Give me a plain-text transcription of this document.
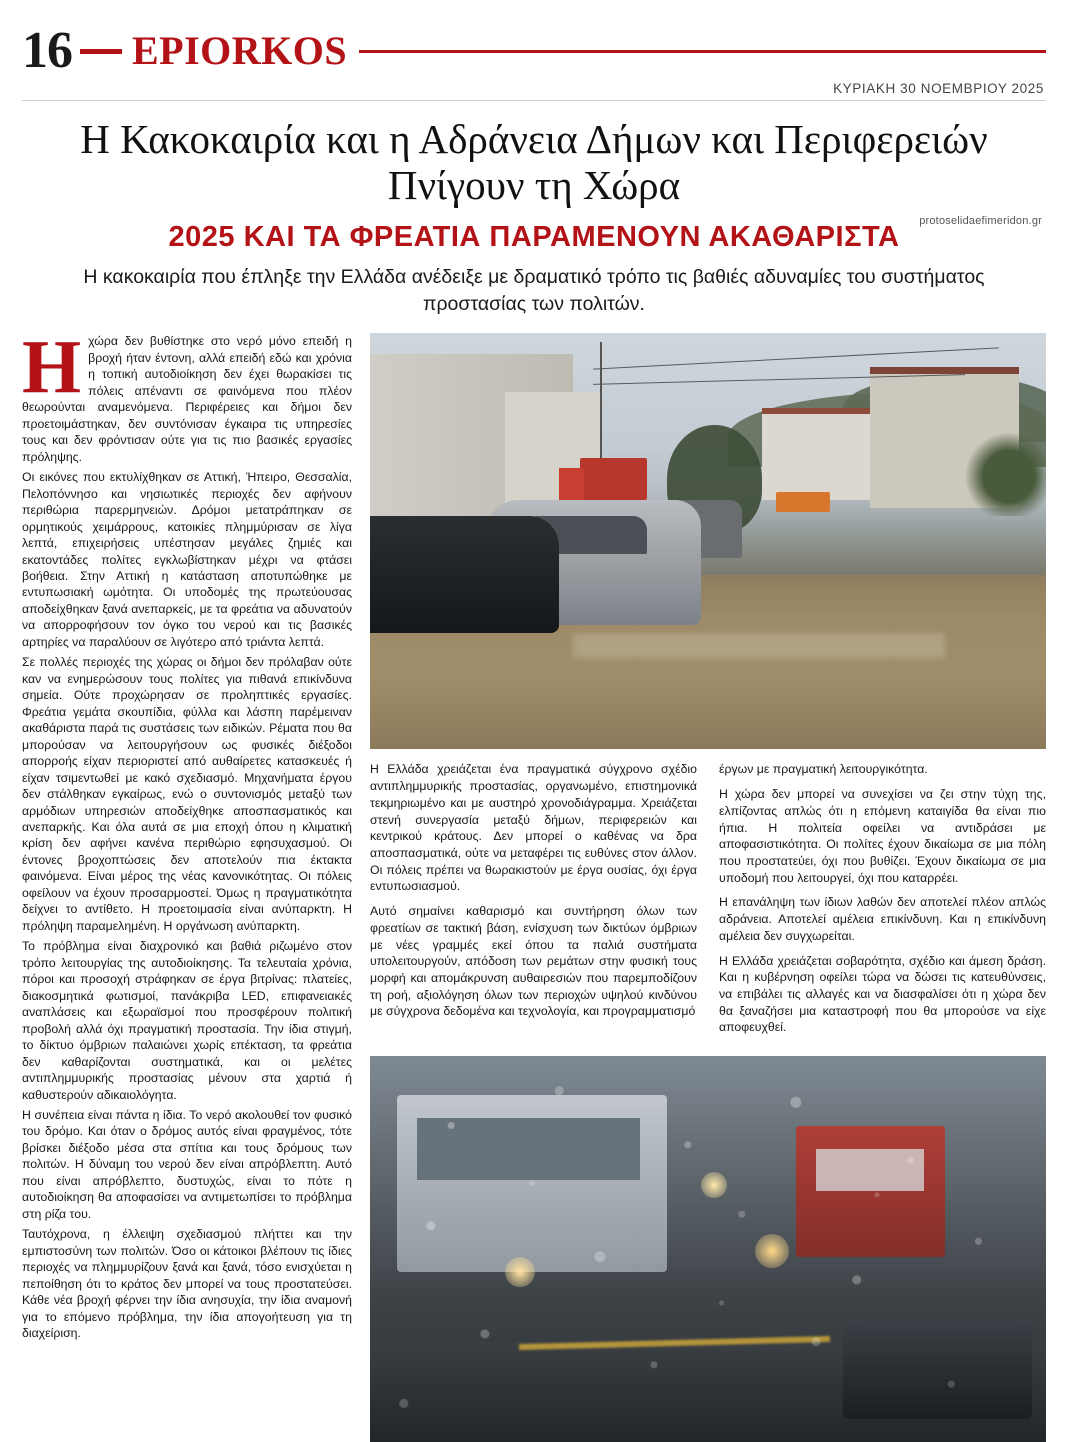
16 EPIORKOS
ΚΥΡΙΑΚΗ 30 ΝΟΕΜΒΡΙΟΥ 2025
Η Κακοκαιρία και η Αδράνεια Δήμων και Περιφερειών
Πνίγουν τη Χώρα
protoselidaefimeridon.gr
2025 ΚΑΙ ΤΑ ΦΡΕΑΤΙΑ ΠΑΡΑΜΕΝΟΥΝ ΑΚΑΘΑΡΙΣΤΑ
Η κακοκαιρία που έπληξε την Ελλάδα ανέδειξε με δραματικό τρόπο τις βαθιές αδυναμίες του συστήματος προστασίας των πολιτών.

Ηχώρα δεν βυθίστηκε στο νερό μόνο επειδή η βροχή ήταν έντονη, αλλά επειδή εδώ και χρόνια η τοπική αυτοδιοίκηση δεν έχει θωρακίσει τις πόλεις απέναντι σε φαινόμενα που πλέον θεωρούνται αναμενόμενα. Περιφέρειες και δήμοι δεν προετοιμάστηκαν, δεν συντόνισαν έγκαιρα τις υπηρεσίες τους και δεν φρόντισαν ούτε για τις πιο βασικές εργασίες πρόληψης.

Οι εικόνες που εκτυλίχθηκαν σε Αττική, Ήπειρο, Θεσσαλία, Πελοπόννησο και νησιωτικές περιοχές δεν αφήνουν περιθώρια παρερμηνειών. Δρόμοι μετατράπηκαν σε ορμητικούς χειμάρρους, κατοικίες πλημμύρισαν σε λίγα λεπτά, επιχειρήσεις υπέστησαν μεγάλες ζημιές και εκατοντάδες πολίτες εγκλωβίστηκαν μέχρι να φτάσει βοήθεια. Στην Αττική η κατάσταση αποτυπώθηκε με εντυπωσιακή ωμότητα. Οι υποδομές της πρωτεύουσας αποδείχθηκαν ξανά ανεπαρκείς, με τα φρεάτια να αδυνατούν να απορροφήσουν τον όγκο του νερού και τις βασικές αρτηρίες να παραλύουν σε λιγότερο από τριάντα λεπτά.

Σε πολλές περιοχές της χώρας οι δήμοι δεν πρόλαβαν ούτε καν να ενημερώσουν τους πολίτες για πιθανά επικίνδυνα σημεία. Ούτε προχώρησαν σε προληπτικές εργασίες. Φρεάτια γεμάτα σκουπίδια, φύλλα και λάσπη παρέμειναν ακαθάριστα παρά τις συστάσεις των ειδικών. Ρέματα που θα μπορούσαν να λειτουργήσουν ως φυσικές διέξοδοι απορροής είχαν περιοριστεί από αυθαίρετες κατασκευές ή είχαν τσιμεντωθεί με κακό σχεδιασμό. Μηχανήματα έργου δεν στάλθηκαν εγκαίρως, ενώ ο συντονισμός μεταξύ των αρμόδιων υπηρεσιών αποδείχθηκε αποσπασματικός και ανεπαρκής. Και όλα αυτά σε μια εποχή όπου η κλιματική κρίση δεν αφήνει κανένα περιθώριο εφησυχασμού. Οι έντονες βροχοπτώσεις δεν αποτελούν πια έκτακτα φαινόμενα. Είναι μέρος της νέας κανονικότητας. Οι πόλεις οφείλουν να έχουν προσαρμοστεί. Όμως η πραγματικότητα δείχνει το αντίθετο. Η προετοιμασία είναι ανύπαρκτη. Η πρόληψη παραμελημένη. Η οργάνωση ανύπαρκτη.

Το πρόβλημα είναι διαχρονικό και βαθιά ριζωμένο στον τρόπο λειτουργίας της αυτοδιοίκησης. Τα τελευταία χρόνια, πόροι και προσοχή στράφηκαν σε έργα βιτρίνας: πλατείες, διακοσμητικά φωτισμοί, πανάκριβα LED, επιφανειακές αναπλάσεις και εξωραϊσμοί που προσφέρουν πολιτική προβολή αλλά όχι πραγματική προστασία. Την ίδια στιγμή, το δίκτυο όμβριων παλαιώνει χωρίς επέκταση, τα φρεάτια δεν καθαρίζονται συστηματικά, και οι μελέτες αντιπλημμυρικής προστασίας μένουν στα χαρτιά ή καθυστερούν αδικαιολόγητα.

Η συνέπεια είναι πάντα η ίδια. Το νερό ακολουθεί τον φυσικό του δρόμο. Και όταν ο δρόμος αυτός είναι φραγμένος, τότε βρίσκει διέξοδο μέσα στα σπίτια και τους δρόμους των πολιτών. Η δύναμη του νερού δεν είναι απρόβλεπτη. Αυτό που είναι απρόβλεπτο, δυστυχώς, είναι το πότε η αυτοδιοίκηση θα αποφασίσει να αντιμετωπίσει το πρόβλημα στη ρίζα του.

Ταυτόχρονα, η έλλειψη σχεδιασμού πλήττει και την εμπιστοσύνη των πολιτών. Όσο οι κάτοικοι βλέπουν τις ίδιες περιοχές να πλημμυρίζουν ξανά και ξανά, τόσο ενισχύεται η πεποίθηση ότι το κράτος δεν μπορεί να τους προστατεύσει. Κάθε νέα βροχή φέρνει την ίδια ανησυχία, την ίδια αναμονή για το επόμενο πρόβλημα, την ίδια απογοήτευση για τη διαχείριση.

Η Ελλάδα χρειάζεται ένα πραγματικά σύγχρονο σχέδιο αντιπλημμυρικής προστασίας, οργανωμένο, επιστημονικά τεκμηριωμένο και με αυστηρό χρονοδιάγραμμα. Χρειάζεται στενή συνεργασία μεταξύ δήμων, περιφερειών και κεντρικού κράτους. Δεν μπορεί ο καθένας να δρα αποσπασματικά, ούτε να μεταφέρει τις ευθύνες στον άλλον. Οι πόλεις πρέπει να θωρακιστούν με έργα ουσίας, όχι έργα εντυπωσιασμού.

Αυτό σημαίνει καθαρισμό και συντήρηση όλων των φρεατίων σε τακτική βάση, ενίσχυση των δικτύων όμβριων με νέες γραμμές εκεί όπου τα παλιά συστήματα υπολειτουργούν, απόδοση των ρεμάτων στην φυσική τους μορφή και απομάκρυνση αυθαιρεσιών που παρεμποδίζουν τη ροή, αξιολόγηση όλων των περιοχών υψηλού κινδύνου με σύγχρονα δεδομένα και τεχνολογία, και προγραμματισμό

έργων με πραγματική λειτουργικότητα.

Η χώρα δεν μπορεί να συνεχίσει να ζει στην τύχη της, ελπίζοντας απλώς ότι η επόμενη καταιγίδα θα είναι πιο ήπια. Η πολιτεία οφείλει να αντιδράσει με αποφασιστικότητα. Οι πολίτες έχουν δικαίωμα σε μια πόλη που προστατεύει, όχι που βυθίζει. Έχουν δικαίωμα σε μια υποδομή που λειτουργεί, όχι που καταρρέει.

Η επανάληψη των ίδιων λαθών δεν αποτελεί πλέον απλώς αδράνεια. Αποτελεί αμέλεια επικίνδυνη. Και η επικίνδυνη αμέλεια δεν συγχωρείται.

Η Ελλάδα χρειάζεται σοβαρότητα, σχέδιο και άμεση δράση. Και η κυβέρνηση οφείλει τώρα να δώσει τις κατευθύνσεις, να επιβάλει τις αλλαγές και να διασφαλίσει ότι η χώρα δεν θα ξαναζήσει μια καταστροφή που θα μπορούσε να είχε αποφευχθεί.
